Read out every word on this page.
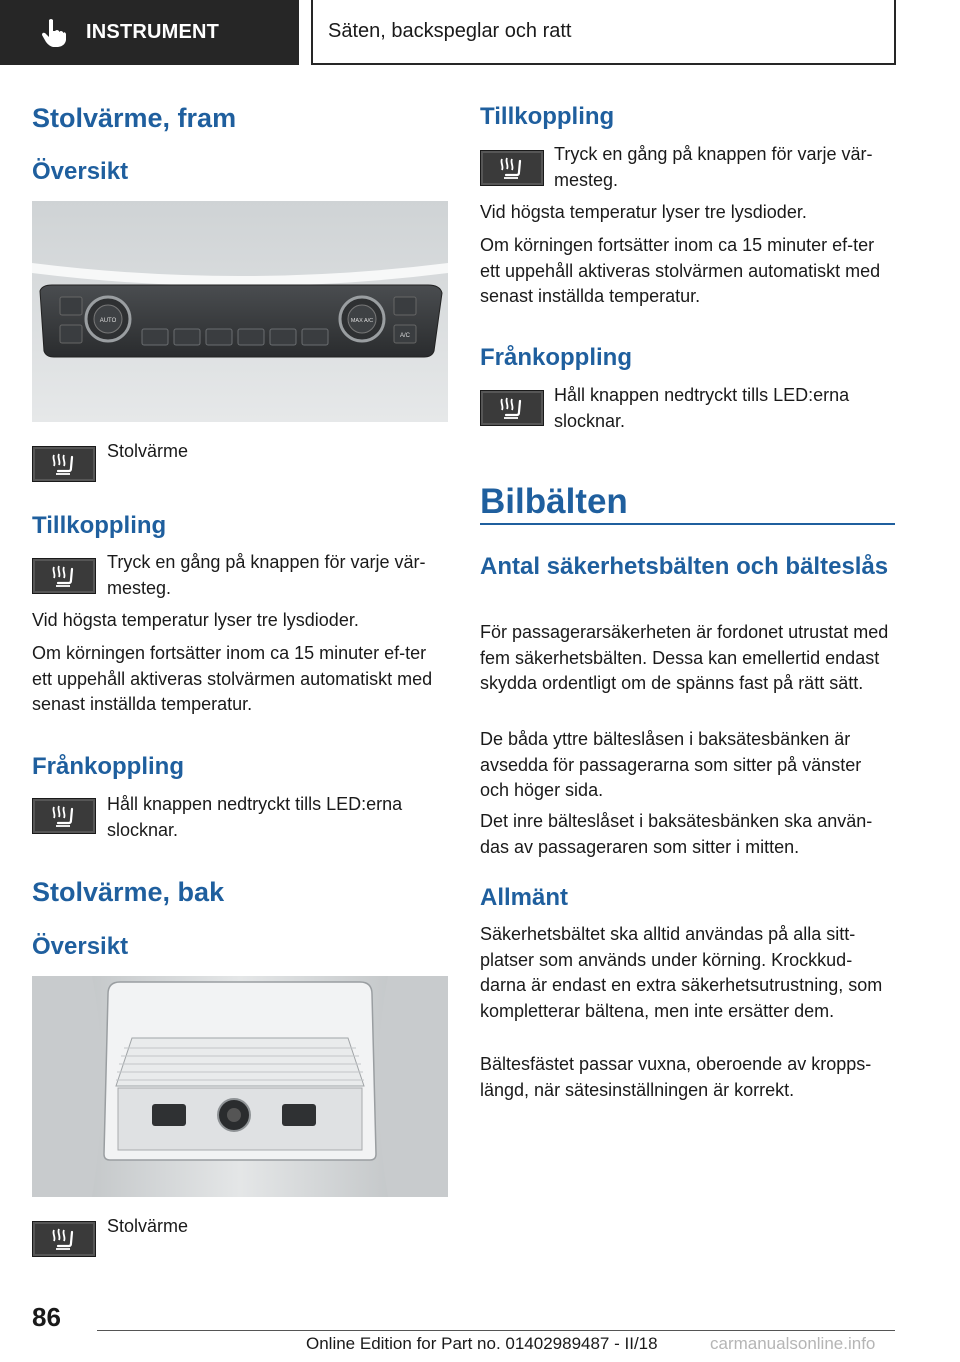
INSTRUMENT	Säten, backspeglar och ratt
Stolvärme, fram
Översikt
AUTO	MAX A/C
A/C
Stolvärme
Tillkoppling
Tryck en gång på knappen för varje vär‐mesteg.
Vid högsta temperatur lyser tre lysdioder.
Om körningen fortsätter inom ca 15 minuter ef‐ter ett uppehåll aktiveras stolvärmen automatiskt med senast inställda temperatur.
Frånkoppling
Håll knappen nedtryckt tills LED:erna slocknar.
Stolvärme, bak
Översikt
Stolvärme
Tillkoppling
Tryck en gång på knappen för varje vär‐mesteg.
Vid högsta temperatur lyser tre lysdioder.
Om körningen fortsätter inom ca 15 minuter ef‐ter ett uppehåll aktiveras stolvärmen automatiskt med senast inställda temperatur.
Frånkoppling
Håll knappen nedtryckt tills LED:erna slocknar.
Bilbälten
Antal säkerhetsbälten och bälteslås
För passagerarsäkerheten är fordonet utrustat med fem säkerhetsbälten. Dessa kan emellertid endast skydda ordentligt om de spänns fast på rätt sätt.
De båda yttre bälteslåsen i baksätesbänken är avsedda för passagerarna som sitter på vänster och höger sida.
Det inre bälteslåset i baksätesbänken ska använ‐das av passageraren som sitter i mitten.
Allmänt
Säkerhetsbältet ska alltid användas på alla sitt‐platser som används under körning. Krockkud‐darna är endast en extra säkerhetsutrustning, som kompletterar bältena, men inte ersätter dem.
Bältesfästet passar vuxna, oberoende av kropps‐längd, när sätesinställningen är korrekt.
86
Online Edition for Part no. 01402989487 - II/18	carmanualsonline.info
